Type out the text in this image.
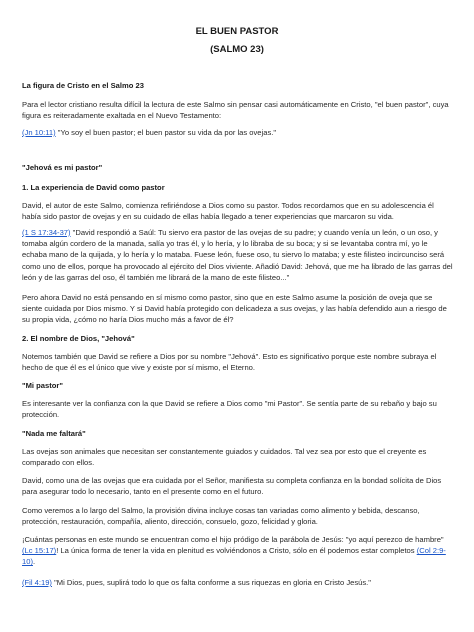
EL BUEN PASTOR
(SALMO 23)
La figura de Cristo en el Salmo 23
Para el lector cristiano resulta difícil la lectura de este Salmo sin pensar casi automáticamente en Cristo, "el buen pastor", cuya figura es reiteradamente exaltada en el Nuevo Testamento:
(Jn 10:11) "Yo soy el buen pastor; el buen pastor su vida da por las ovejas."
"Jehová es mi pastor"
1. La experiencia de David como pastor
David, el autor de este Salmo, comienza refiriéndose a Dios como su pastor. Todos recordamos que en su adolescencia él había sido pastor de ovejas y en su cuidado de ellas había llegado a tener experiencias que marcaron su vida.
(1 S 17:34-37) "David respondió a Saúl: Tu siervo era pastor de las ovejas de su padre; y cuando venía un león, o un oso, y tomaba algún cordero de la manada, salía yo tras él, y lo hería, y lo libraba de su boca; y si se levantaba contra mí, yo le echaba mano de la quijada, y lo hería y lo mataba. Fuese león, fuese oso, tu siervo lo mataba; y este filisteo incircunciso será como uno de ellos, porque ha provocado al ejército del Dios viviente. Añadió David: Jehová, que me ha librado de las garras del león y de las garras del oso, él también me librará de la mano de este filisteo..."
Pero ahora David no está pensando en sí mismo como pastor, sino que en este Salmo asume la posición de oveja que se siente cuidada por Dios mismo. Y si David había protegido con delicadeza a sus ovejas, y las había defendido aun a riesgo de su propia vida, ¿cómo no haría Dios mucho más a favor de él?
2. El nombre de Dios, "Jehová"
Notemos también que David se refiere a Dios por su nombre "Jehová". Esto es significativo porque este nombre subraya el hecho de que él es el único que vive y existe por sí mismo, el Eterno.
"Mi pastor"
Es interesante ver la confianza con la que David se refiere a Dios como "mi Pastor". Se sentía parte de su rebaño y bajo su protección.
"Nada me faltará"
Las ovejas son animales que necesitan ser constantemente guiados y cuidados. Tal vez sea por esto que el creyente es comparado con ellos.
David, como una de las ovejas que era cuidada por el Señor, manifiesta su completa confianza en la bondad solícita de Dios para asegurar todo lo necesario, tanto en el presente como en el futuro.
Como veremos a lo largo del Salmo, la provisión divina incluye cosas tan variadas como alimento y bebida, descanso, protección, restauración, compañía, aliento, dirección, consuelo, gozo, felicidad y gloria.
¡Cuántas personas en este mundo se encuentran como el hijo pródigo de la parábola de Jesús: "yo aquí perezco de hambre" (Lc 15:17)! La única forma de tener la vida en plenitud es volviéndonos a Cristo, sólo en él podemos estar completos (Col 2:9-10).
(Fil 4:19) "Mi Dios, pues, suplirá todo lo que os falta conforme a sus riquezas en gloria en Cristo Jesús."
